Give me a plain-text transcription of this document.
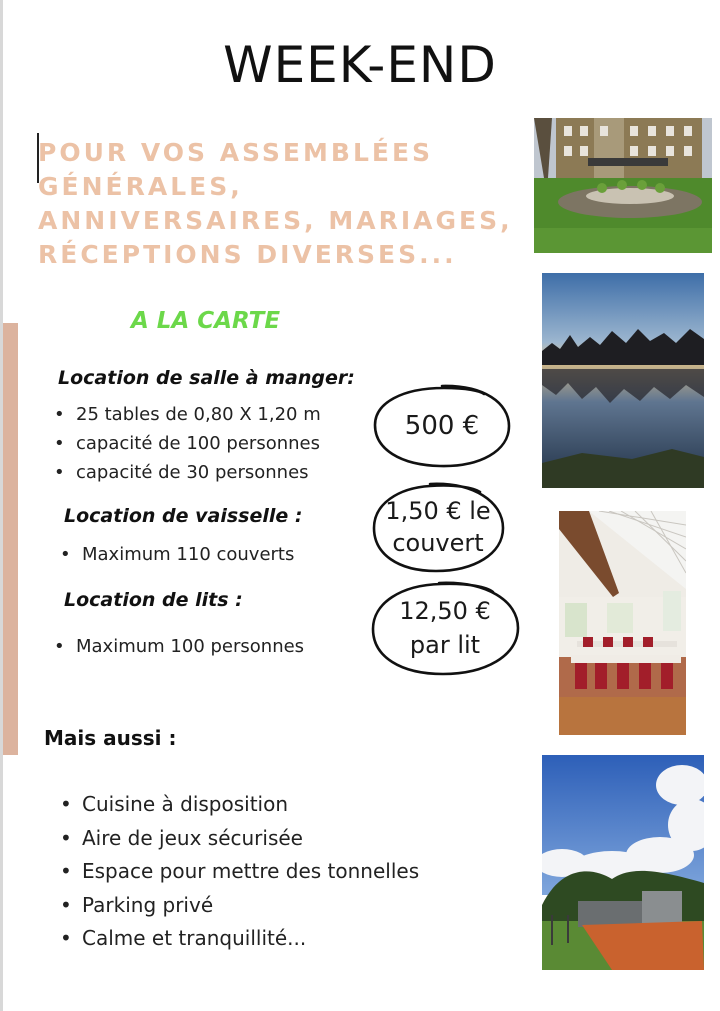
WEEK-END
POUR VOS ASSEMBLÉES
GÉNÉRALES,
ANNIVERSAIRES, MARIAGES,
RÉCEPTIONS DIVERSES...
A LA CARTE
Location de salle à manger:
• 25 tables de 0,80 X 1,20 m
• capacité de 100 personnes
• capacité de 30 personnes
500 €
Location de vaisselle :
• Maximum 110 couverts
1,50 € le
couvert
Location de lits :
• Maximum 100 personnes
12,50 €
par lit
Mais aussi :
• Cuisine à disposition
• Aire de jeux sécurisée
• Espace pour mettre des tonnelles
• Parking privé
• Calme et tranquillité...
